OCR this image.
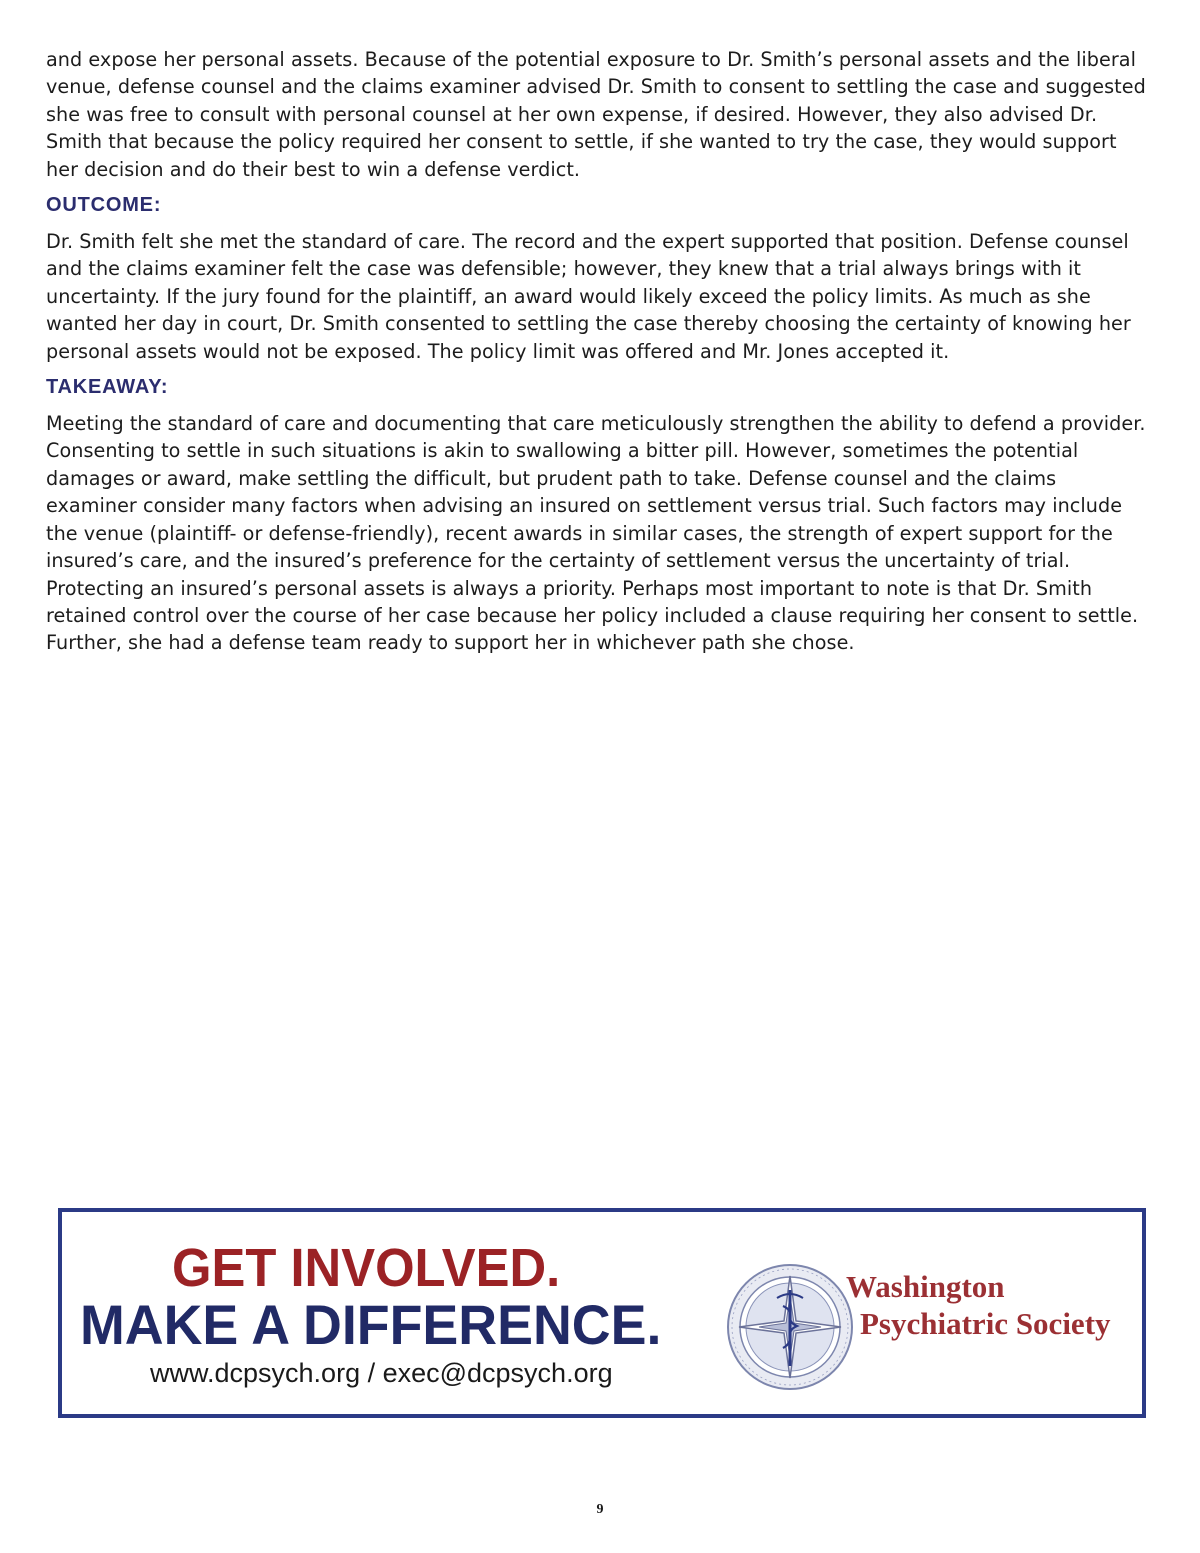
and expose her personal assets. Because of the potential exposure to Dr. Smith’s personal assets and the liberal venue, defense counsel and the claims examiner advised Dr. Smith to consent to settling the case and suggested she was free to consult with personal counsel at her own expense, if desired. However, they also advised Dr. Smith that because the policy required her consent to settle, if she wanted to try the case, they would support her decision and do their best to win a defense verdict.

OUTCOME:

Dr. Smith felt she met the standard of care. The record and the expert supported that position. Defense counsel and the claims examiner felt the case was defensible; however, they knew that a trial always brings with it uncertainty. If the jury found for the plaintiff, an award would likely exceed the policy limits. As much as she wanted her day in court, Dr. Smith consented to settling the case thereby choosing the certainty of knowing her personal assets would not be exposed. The policy limit was offered and Mr. Jones accepted it.

TAKEAWAY:

Meeting the standard of care and documenting that care meticulously strengthen the ability to defend a provider. Consenting to settle in such situations is akin to swallowing a bitter pill. However, sometimes the potential damages or award, make settling the difficult, but prudent path to take. Defense counsel and the claims examiner consider many factors when advising an insured on settlement versus trial. Such factors may include the venue (plaintiff- or defense-friendly), recent awards in similar cases, the strength of expert support for the insured’s care, and the insured’s preference for the certainty of settlement versus the uncertainty of trial. Protecting an insured’s personal assets is always a priority. Perhaps most important to note is that Dr. Smith retained control over the course of her case because her policy included a clause requiring her consent to settle. Further, she had a defense team ready to support her in whichever path she chose.

GET INVOLVED.
MAKE A DIFFERENCE.
www.dcpsych.org / exec@dcpsych.org
Washington
Psychiatric Society
9
